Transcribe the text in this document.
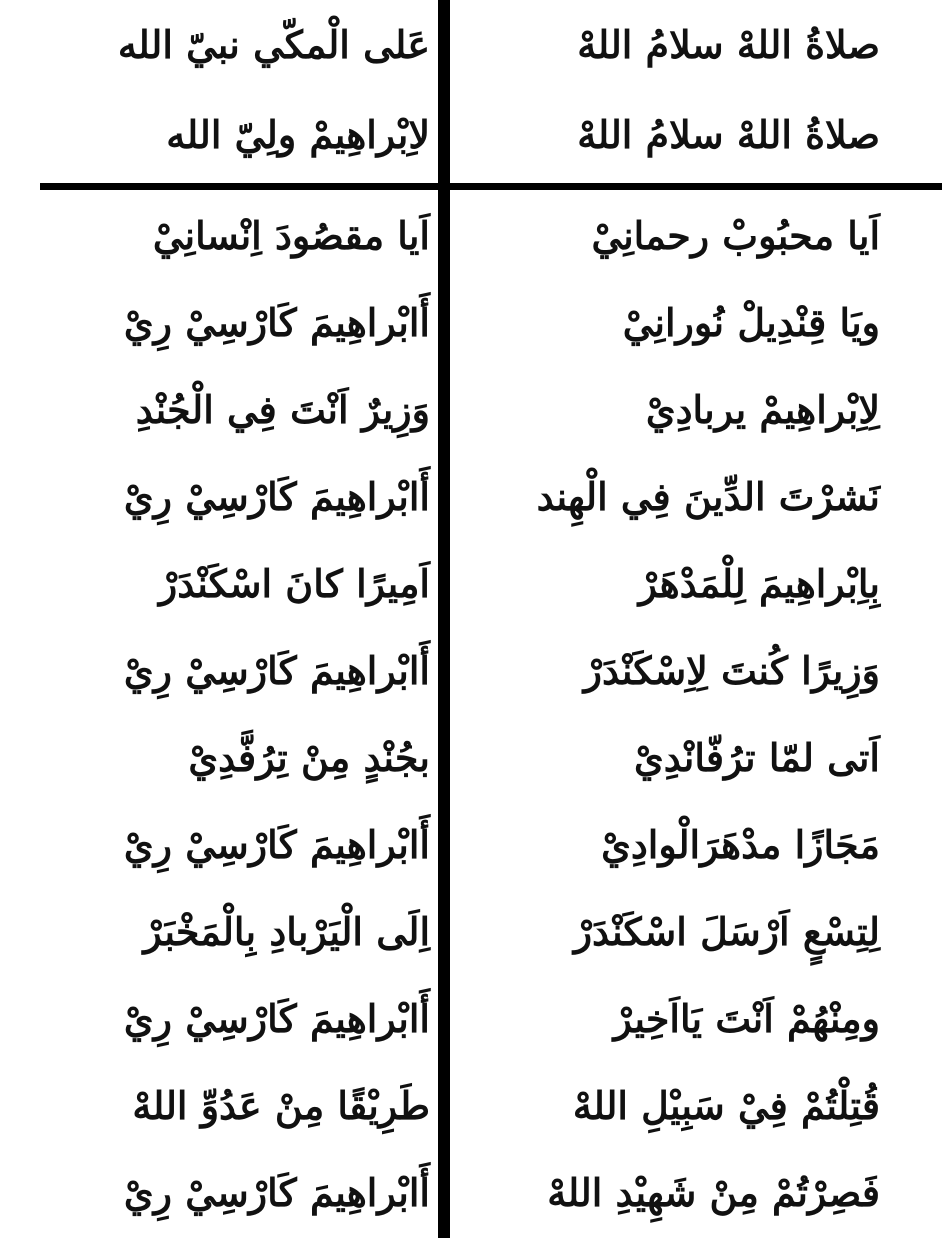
صلاةُ اللهْ سلامُ اللهْ
صلاةُ اللهْ سلامُ اللهْ
عَلى الْمكّي نبيّ الله
لاِبْراهِيمْ ولِيّ الله
اَيا محبُوبْ رحمانِيْ
ويَا قِنْدِيلْ نُورانِيْ
لِاِبْراهِيمْ يربادِيْ
نَشرْتَ الدِّينَ فِي الْهِند
بِاِبْراهِيمَ لِلْمَدْهَرْ
وَزِيرًا كُنتَ لِاِسْكَنْدَرْ
اَتى لمّا ترُفّانْدِيْ
مَجَازًا مدْهَرَالْوادِيْ
لِتِسْعٍ اَرْسَلَ اسْكَنْدَرْ
ومِنْهُمْ اَنْتَ يَااَخِيرْ
قُتِلْتُمْ فِيْ سَبِيْلِ اللهْ
فَصِرْتُمْ مِنْ شَهِيْدِ اللهْ
اَيا مقصُودَ اِنْسانِيْ
أَابْراهِيمَ كَارْسِيْ رِيْ
وَزِيرٌ اَنْتَ فِي الْجُنْدِ
أَابْراهِيمَ كَارْسِيْ رِيْ
اَمِيرًا كانَ اسْكَنْدَرْ
أَابْراهِيمَ كَارْسِيْ رِيْ
بجُنْدٍ مِنْ تِرُفَّدِيْ
أَابْراهِيمَ كَارْسِيْ رِيْ
اِلَى الْيَرْبادِ بِالْمَخْبَرْ
أَابْراهِيمَ كَارْسِيْ رِيْ
طَرِيْقًا مِنْ عَدُوِّ اللهْ
أَابْراهِيمَ كَارْسِيْ رِيْ
